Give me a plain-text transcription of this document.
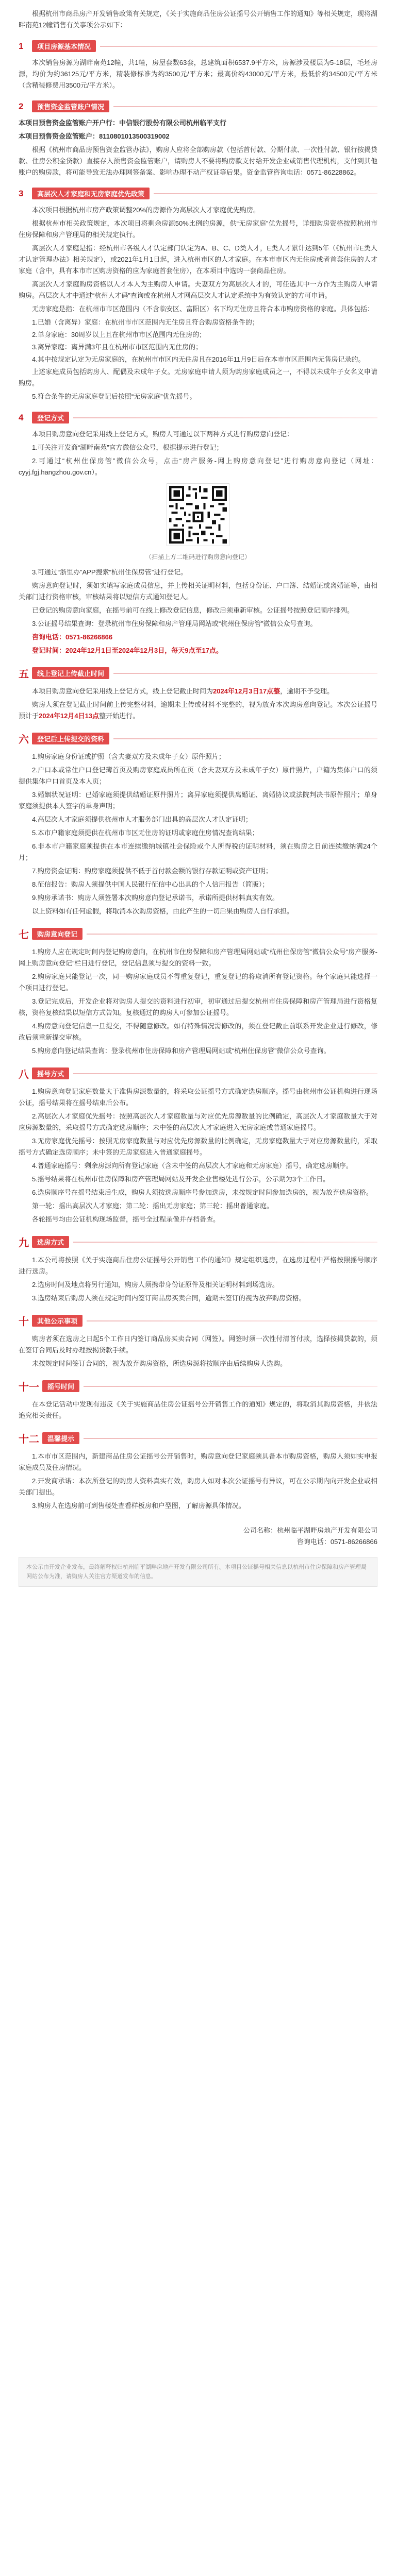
根据杭州市商品房产开发销售政策有关规定，《关于实施商品住房公证摇号公开销售工作的通知》等相关规定，现将湖畔南苑12幢销售有关事项公示如下：

1	项目房源基本情况

本次销售房源为湖畔南苑12幢，共1幢，房屋套数63套，总建筑面积6537.9平方米，房源涉及楼层为5-18层，毛坯房源，均价为约36125元/平方米，精装修标准为约3500元/平方米；最高价约43000元/平方米，最低价约34500元/平方米（含精装修费用3500元/平方米）。

2	预售资金监管账户情况

本项目预售资金监管账户开户行：中信银行股份有限公司杭州临平支行

本项目预售资金监管账户：8110801013500319002

根据《杭州市商品房预售资金监管办法》，购房人应将全部购房款（包括首付款、分期付款、一次性付款、银行按揭贷款、住房公积金贷款）直接存入预售资金监管账户，请购房人不要将购房款支付给开发企业或销售代理机构，支付到其他账户的购房款，将可能导致无法办理网签备案、影响办理不动产权证等后果。资金监管咨询电话：0571-86228862。

3	高层次人才家庭和无房家庭优先政策

本次项目根据杭州市房产政策调整20%的房源作为高层次人才家庭优先购房。

根据杭州市相关政策规定，本次项目将剩余房源50%比例的房源，供“无房家庭”优先摇号，详细购房资格按照杭州市住房保障和房产管理局的相关规定执行。

高层次人才家庭是指：经杭州市各级人才认定部门认定为A、B、C、D类人才，E类人才累计达到5年（《杭州市E类人才认定管理办法》相关规定），或2021年1月1日起，进入杭州市区的人才家庭。在本市市区内无住房或者首套住房的人才家庭（含中，具有本市市区购房资格的应为家庭首套住房），在本项目中选购一套商品住房。

高层次人才家庭购房资格以人才本人为主购房人申请。夫妻双方为高层次人才的，可任选其中一方作为主购房人申请购房。高层次人才中通过“杭州人才码”查询或在杭州人才网高层次人才认定系统中为有效认定的方可申请。

无房家庭是指：在杭州市市区范围内（不含临安区、富阳区）名下均无住房且符合本市购房资格的家庭。具体包括：

1.已婚（含离异）家庭：在杭州市市区范围内无住房且符合购房资格条件的；

2.单身家庭：30周岁以上且在杭州市市区范围内无住房的；

3.离异家庭：离异满3年且在杭州市市区范围内无住房的；

4.其中按规定认定为无房家庭的，在杭州市市区内无住房且在2016年11月9日后在本市市区范围内无售房记录的。

上述家庭成员包括购房人、配偶及未成年子女。无房家庭申请人须为购房家庭成员之一，不得以未成年子女名义申请购房。

5.符合条件的无房家庭登记后按照“无房家庭”优先摇号。

4	登记方式

本项目购房意向登记采用线上登记方式，购房人可通过以下两种方式进行购房意向登记：

1.可关注开发商“湖畔南苑”官方微信公众号，根据提示进行登记；

2.可通过“杭州住保房管”微信公众号，点击“房产服务-网上购房意向登记”进行购房意向登记（网址：cyyj.fgj.hangzhou.gov.cn）。

（扫描上方二维码进行购房意向登记）

3.可通过“浙里办”APP搜索“杭州住保房管”进行登记。

购房意向登记时，须如实填写家庭成员信息，并上传相关证明材料，包括身份证、户口簿、结婚证或离婚证等，由相关部门进行资格审核，审核结果将以短信方式通知登记人。

已登记的购房意向家庭，在摇号前可在线上修改登记信息，修改后须重新审核。公证摇号按照登记顺序排列。

3.公证摇号结果查询：登录杭州市住房保障和房产管理局网站或“杭州住保房管”微信公众号查询。

咨询电话：0571-86266866

登记时间：2024年12月1日至2024年12月3日，每天9点至17点。

五	线上登记上传截止时间

本项目购房意向登记采用线上登记方式，线上登记截止时间为2024年12月3日17点整，逾期不予受理。

购房人须在登记截止时间前上传完整材料，逾期未上传或材料不完整的，视为放弃本次购房意向登记。本次公证摇号预计于2024年12月4日13点整开始进行。

六	登记后上传提交的资料

1.购房家庭身份证或护照（含夫妻双方及未成年子女）原件照片；

2.户口本或常住户口登记簿首页及购房家庭成员所在页（含夫妻双方及未成年子女）原件照片，户籍为集体户口的须提供集体户口首页及本人页；

3.婚姻状况证明：已婚家庭须提供结婚证原件照片；离异家庭须提供离婚证、离婚协议或法院判决书原件照片；单身家庭须提供本人签字的单身声明；

4.高层次人才家庭须提供杭州市人才服务部门出具的高层次人才认定证明；

5.本市户籍家庭须提供在杭州市市区无住房的证明或家庭住房情况查询结果；

6.非本市户籍家庭须提供在本市连续缴纳城镇社会保险或个人所得税的证明材料，须在购房之日前连续缴纳满24个月；

7.购房资金证明：购房家庭须提供不低于首付款金额的银行存款证明或资产证明；

8.征信报告：购房人须提供中国人民银行征信中心出具的个人信用报告（简版）；

9.购房承诺书：购房人须签署本次购房意向登记承诺书，承诺所提供材料真实有效。

以上资料如有任何虚假，将取消本次购房资格，由此产生的一切后果由购房人自行承担。

七	购房意向登记

1.购房人应在规定时间内登记购房意向，在杭州市住房保障和房产管理局网站或“杭州住保房管”微信公众号“房产服务-网上购房意向登记”栏目进行登记，登记信息须与提交的资料一致。

2.购房家庭只能登记一次，同一购房家庭成员不得重复登记，重复登记的将取消所有登记资格。每个家庭只能选择一个项目进行登记。

3.登记完成后，开发企业将对购房人提交的资料进行初审，初审通过后提交杭州市住房保障和房产管理局进行资格复核，资格复核结果以短信方式告知。复核通过的购房人可参加公证摇号。

4.购房意向登记信息一旦提交，不得随意修改。如有特殊情况需修改的，须在登记截止前联系开发企业进行修改，修改后须重新提交审核。

5.购房意向登记结果查询：登录杭州市住房保障和房产管理局网站或“杭州住保房管”微信公众号查询。

八	摇号方式

1.购房意向登记家庭数量大于准售房源数量的，将采取公证摇号方式确定选房顺序。摇号由杭州市公证机构进行现场公证，摇号结果将在摇号结束后公布。

2.高层次人才家庭优先摇号：按照高层次人才家庭数量与对应优先房源数量的比例确定，高层次人才家庭数量大于对应房源数量的，采取摇号方式确定选房顺序；未中签的高层次人才家庭进入无房家庭或普通家庭摇号。

3.无房家庭优先摇号：按照无房家庭数量与对应优先房源数量的比例确定，无房家庭数量大于对应房源数量的，采取摇号方式确定选房顺序；未中签的无房家庭进入普通家庭摇号。

4.普通家庭摇号：剩余房源向所有登记家庭（含未中签的高层次人才家庭和无房家庭）摇号，确定选房顺序。

5.摇号结果将在杭州市住房保障和房产管理局网站及开发企业售楼处进行公示，公示期为3个工作日。

6.选房顺序号在摇号结束后生成，购房人须按选房顺序号参加选房，未按规定时间参加选房的，视为放弃选房资格。

第一轮：摇出高层次人才家庭；第二轮：摇出无房家庭；第三轮：摇出普通家庭。

各轮摇号均由公证机构现场监督，摇号全过程录像并存档备查。

九	选房方式

1.本公司将按照《关于实施商品住房公证摇号公开销售工作的通知》规定组织选房，在选房过程中严格按照摇号顺序进行选房。

2.选房时间及地点将另行通知，购房人须携带身份证原件及相关证明材料到场选房。

3.选房结束后购房人须在规定时间内签订商品房买卖合同，逾期未签订的视为放弃购房资格。

十	其他公示事项

购房者须在选房之日起5个工作日内签订商品房买卖合同（网签）。网签时须一次性付清首付款，选择按揭贷款的，须在签订合同后及时办理按揭贷款手续。

未按规定时间签订合同的，视为放弃购房资格，所选房源将按顺序由后续购房人选购。

十一	摇号时间

在本登记活动中发现有违反《关于实施商品住房公证摇号公开销售工作的通知》规定的，将取消其购房资格，并依法追究相关责任。

十二	温馨提示

1.本市市区范围内，新建商品住房公证摇号公开销售时，购房意向登记家庭须具备本市购房资格，购房人须如实申报家庭成员及住房情况。

2.开发商承诺：本次所登记的购房人资料真实有效，购房人如对本次公证摇号有异议，可在公示期内向开发企业或相关部门提出。

3.购房人在选房前可到售楼处查看样板房和户型图，了解房源具体情况。

公司名称：杭州临平湖畔房地产开发有限公司
咨询电话：0571-86266866
本公示由开发企业发布，最终解释权归杭州临平湖畔房地产开发有限公司所有。本项目公证摇号相关信息以杭州市住房保障和房产管理局网站公布为准，请购房人关注官方渠道发布的信息。
